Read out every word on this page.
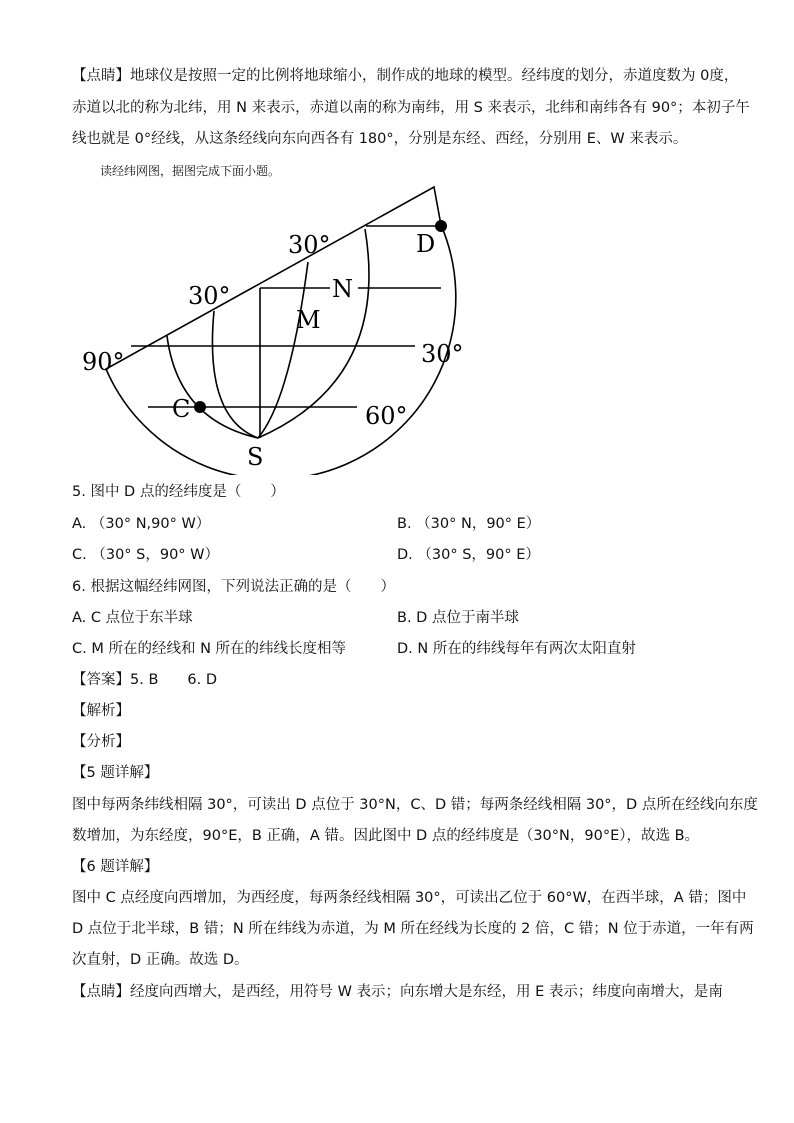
【点睛】地球仪是按照一定的比例将地球缩小，制作成的地球的模型。经纬度的划分，赤道度数为 0度，
赤道以北的称为北纬，用 N 来表示，赤道以南的称为南纬，用 S 来表示，北纬和南纬各有 90°；本初子午
线也就是 0°经线，从这条经线向东向西各有 180°，分别是东经、西经，分别用 E、W 来表示。
读经纬网图，据图完成下面小题。
30°
30°
30°
60°
90°
D
N
M
C
S
5. 图中 D 点的经纬度是（　　）
A. （30° N,90° W）	B. （30° N，90° E）
C. （30° S，90° W）	D. （30° S，90° E）
6. 根据这幅经纬网图，下列说法正确的是（　　）
A. C 点位于东半球	B. D 点位于南半球
C. M 所在的经线和 N 所在的纬线长度相等	D. N 所在的纬线每年有两次太阳直射
【答案】5. B　　6. D
【解析】
【分析】
【5 题详解】
图中每两条纬线相隔 30°，可读出 D 点位于 30°N，C、D 错；每两条经线相隔 30°，D 点所在经线向东度
数增加，为东经度，90°E，B 正确，A 错。因此图中 D 点的经纬度是（30°N，90°E），故选 B。
【6 题详解】
图中 C 点经度向西增加，为西经度，每两条经线相隔 30°，可读出乙位于 60°W，在西半球，A 错；图中
D 点位于北半球，B 错；N 所在纬线为赤道，为 M 所在经线为长度的 2 倍，C 错；N 位于赤道，一年有两
次直射，D 正确。故选 D。
【点睛】经度向西增大，是西经，用符号 W 表示；向东增大是东经，用 E 表示；纬度向南增大，是南
